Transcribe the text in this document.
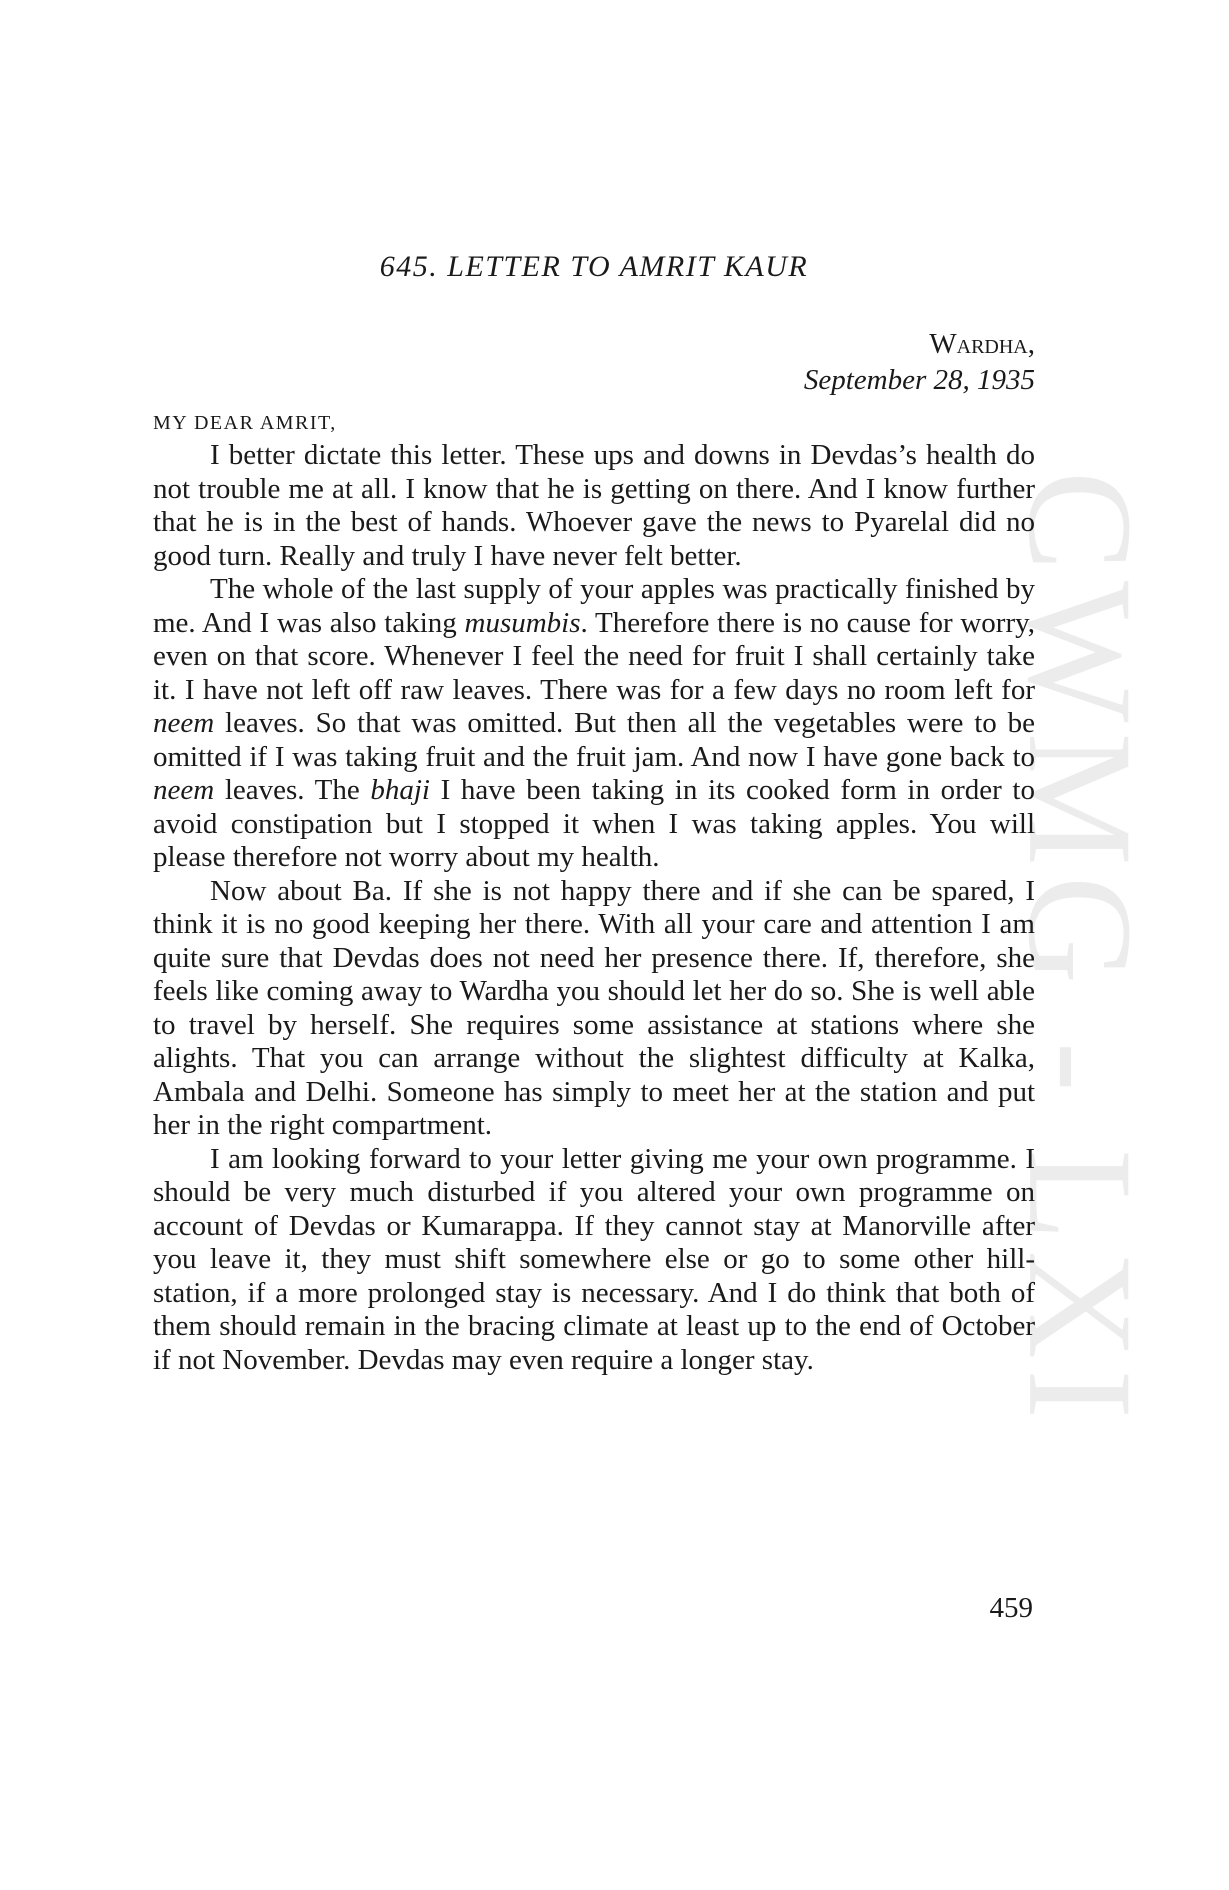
CWMG - LXI
645. LETTER TO AMRIT KAUR
Wardha,
September 28, 1935
MY DEAR AMRIT,

I better dictate this letter. These ups and downs in Devdas’s health do not trouble me at all. I know that he is getting on there. And I know further that he is in the best of hands. Whoever gave the news to Pyarelal did no good turn. Really and truly I have never felt better.

The whole of the last supply of your apples was practically finished by me. And I was also taking musumbis. Therefore there is no cause for worry, even on that score. Whenever I feel the need for fruit I shall certainly take it. I have not left off raw leaves. There was for a few days no room left for neem leaves. So that was omitted. But then all the vegetables were to be omitted if I was taking fruit and the fruit jam. And now I have gone back to neem leaves. The bhaji I have been taking in its cooked form in order to avoid constipation but I stopped it when I was taking apples. You will please therefore not worry about my health.

Now about Ba. If she is not happy there and if she can be spared, I think it is no good keeping her there. With all your care and attention I am quite sure that Devdas does not need her presence there. If, therefore, she feels like coming away to Wardha you should let her do so. She is well able to travel by herself. She requires some assistance at stations where she alights. That you can arrange without the slightest difficulty at Kalka, Ambala and Delhi. Someone has simply to meet her at the station and put her in the right compartment.

I am looking forward to your letter giving me your own programme. I should be very much disturbed if you altered your own programme on account of Devdas or Kumarappa. If they cannot stay at Manorville after you leave it, they must shift somewhere else or go to some other hill-station, if a more prolonged stay is necessary. And I do think that both of them should remain in the bracing climate at least up to the end of October if not November. Devdas may even require a longer stay.

459
